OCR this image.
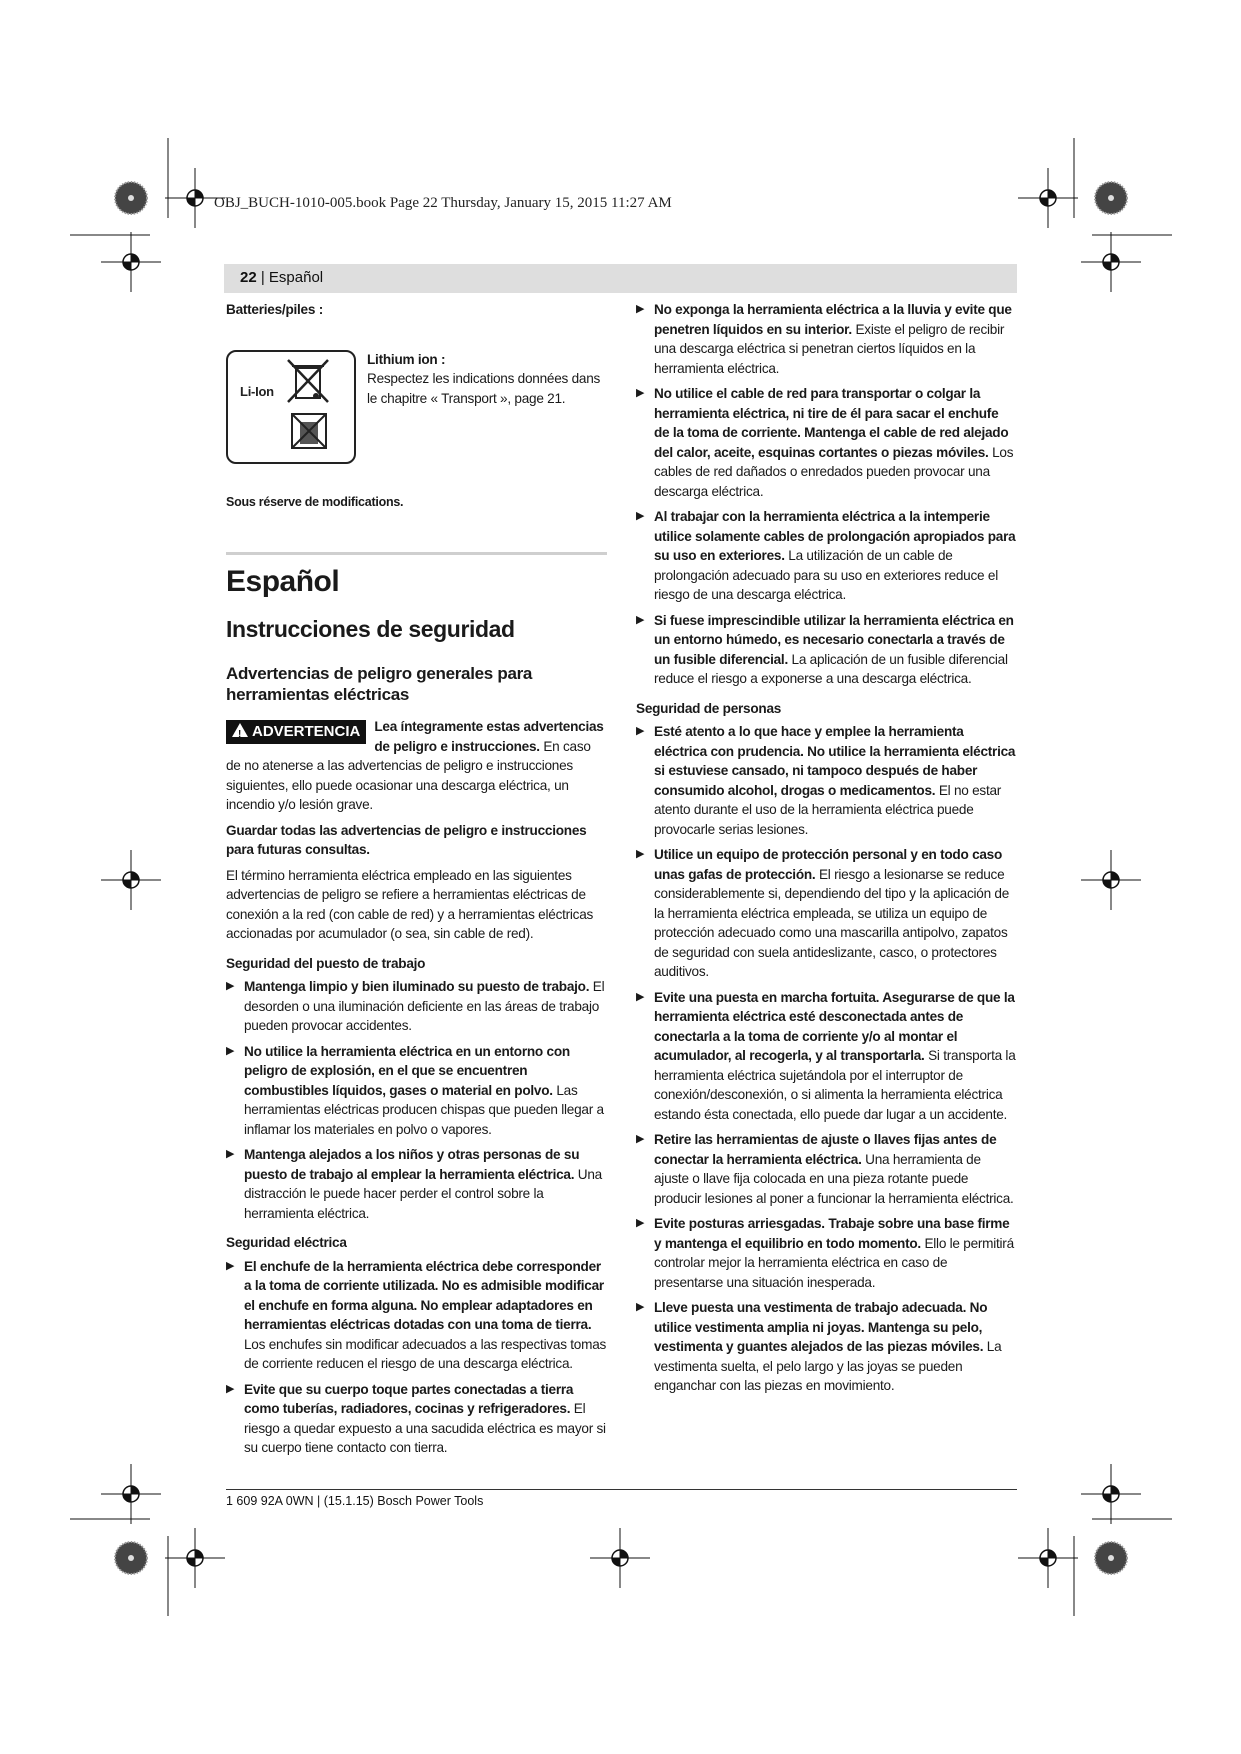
OBJ_BUCH-1010-005.book Page 22 Thursday, January 15, 2015 11:27 AM
22 | Español
Batteries/piles :
Li-Ion
Lithium ion :
Respectez les indications données dans le chapitre « Transport », page 21.
Sous réserve de modifications.
Español
Instrucciones de seguridad
Advertencias de peligro generales para herramientas eléctricas
! ADVERTENCIA	Lea íntegramente estas advertencias de peligro e instrucciones. En caso de no atenerse a las advertencias de peligro e instrucciones siguientes, ello puede ocasionar una descarga eléctrica, un incendio y/o lesión grave.
Guardar todas las advertencias de peligro e instrucciones para futuras consultas.
El término herramienta eléctrica empleado en las siguientes advertencias de peligro se refiere a herramientas eléctricas de conexión a la red (con cable de red) y a herramientas eléctricas accionadas por acumulador (o sea, sin cable de red).
Seguridad del puesto de trabajo
▶ Mantenga limpio y bien iluminado su puesto de trabajo. El desorden o una iluminación deficiente en las áreas de trabajo pueden provocar accidentes.
▶ No utilice la herramienta eléctrica en un entorno con peligro de explosión, en el que se encuentren combustibles líquidos, gases o material en polvo. Las herramientas eléctricas producen chispas que pueden llegar a inflamar los materiales en polvo o vapores.
▶ Mantenga alejados a los niños y otras personas de su puesto de trabajo al emplear la herramienta eléctrica. Una distracción le puede hacer perder el control sobre la herramienta eléctrica.
Seguridad eléctrica
▶ El enchufe de la herramienta eléctrica debe corresponder a la toma de corriente utilizada. No es admisible modificar el enchufe en forma alguna. No emplear adaptadores en herramientas eléctricas dotadas con una toma de tierra. Los enchufes sin modificar adecuados a las respectivas tomas de corriente reducen el riesgo de una descarga eléctrica.
▶ Evite que su cuerpo toque partes conectadas a tierra como tuberías, radiadores, cocinas y refrigeradores. El riesgo a quedar expuesto a una sacudida eléctrica es mayor si su cuerpo tiene contacto con tierra.
▶ No exponga la herramienta eléctrica a la lluvia y evite que penetren líquidos en su interior. Existe el peligro de recibir una descarga eléctrica si penetran ciertos líquidos en la herramienta eléctrica.
▶ No utilice el cable de red para transportar o colgar la herramienta eléctrica, ni tire de él para sacar el enchufe de la toma de corriente. Mantenga el cable de red alejado del calor, aceite, esquinas cortantes o piezas móviles. Los cables de red dañados o enredados pueden provocar una descarga eléctrica.
▶ Al trabajar con la herramienta eléctrica a la intemperie utilice solamente cables de prolongación apropiados para su uso en exteriores. La utilización de un cable de prolongación adecuado para su uso en exteriores reduce el riesgo de una descarga eléctrica.
▶ Si fuese imprescindible utilizar la herramienta eléctrica en un entorno húmedo, es necesario conectarla a través de un fusible diferencial. La aplicación de un fusible diferencial reduce el riesgo a exponerse a una descarga eléctrica.
Seguridad de personas
▶ Esté atento a lo que hace y emplee la herramienta eléctrica con prudencia. No utilice la herramienta eléctrica si estuviese cansado, ni tampoco después de haber consumido alcohol, drogas o medicamentos. El no estar atento durante el uso de la herramienta eléctrica puede provocarle serias lesiones.
▶ Utilice un equipo de protección personal y en todo caso unas gafas de protección. El riesgo a lesionarse se reduce considerablemente si, dependiendo del tipo y la aplicación de la herramienta eléctrica empleada, se utiliza un equipo de protección adecuado como una mascarilla antipolvo, zapatos de seguridad con suela antideslizante, casco, o protectores auditivos.
▶ Evite una puesta en marcha fortuita. Asegurarse de que la herramienta eléctrica esté desconectada antes de conectarla a la toma de corriente y/o al montar el acumulador, al recogerla, y al transportarla. Si transporta la herramienta eléctrica sujetándola por el interruptor de conexión/desconexión, o si alimenta la herramienta eléctrica estando ésta conectada, ello puede dar lugar a un accidente.
▶ Retire las herramientas de ajuste o llaves fijas antes de conectar la herramienta eléctrica. Una herramienta de ajuste o llave fija colocada en una pieza rotante puede producir lesiones al poner a funcionar la herramienta eléctrica.
▶ Evite posturas arriesgadas. Trabaje sobre una base firme y mantenga el equilibrio en todo momento. Ello le permitirá controlar mejor la herramienta eléctrica en caso de presentarse una situación inesperada.
▶ Lleve puesta una vestimenta de trabajo adecuada. No utilice vestimenta amplia ni joyas. Mantenga su pelo, vestimenta y guantes alejados de las piezas móviles. La vestimenta suelta, el pelo largo y las joyas se pueden enganchar con las piezas en movimiento.
1 609 92A 0WN | (15.1.15) Bosch Power Tools
